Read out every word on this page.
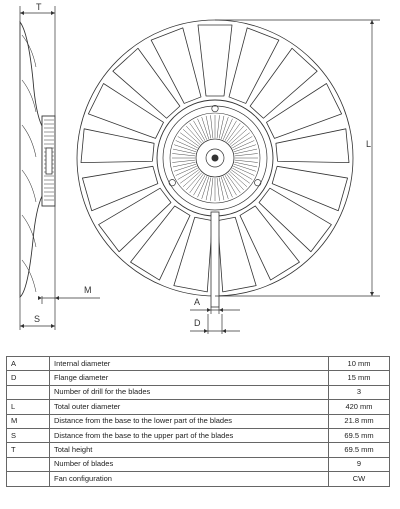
T
L
M
S
A
D
A	Internal diameter	10 mm
D	Flange diameter	15 mm
	Number of drill for the blades	3
L	Total outer diameter	420 mm
M	Distance from the base to the lower part of the blades	21.8 mm
S	Distance from the base to the upper part of the blades	69.5 mm
T	Total height	69.5 mm
	Number of blades	9
	Fan configuration	CW
